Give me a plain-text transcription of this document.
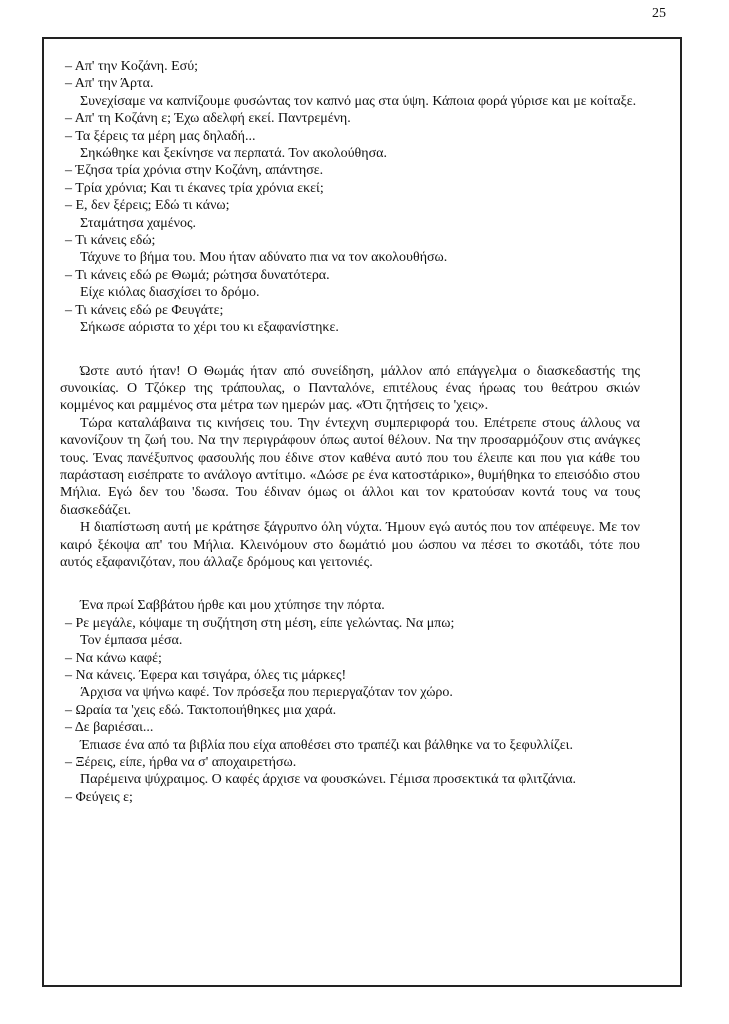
25

– Απ' την Κοζάνη. Εσύ;

– Απ' την Άρτα.

Συνεχίσαμε να καπνίζουμε φυσώντας τον καπνό μας στα ύψη. Κάποια φορά γύρισε και με κοίταξε.

– Απ' τη Κοζάνη ε; Έχω αδελφή εκεί. Παντρεμένη.

– Τα ξέρεις τα μέρη μας δηλαδή...

Σηκώθηκε και ξεκίνησε να περπατά. Τον ακολούθησα.

– Έζησα τρία χρόνια στην Κοζάνη, απάντησε.

– Τρία χρόνια; Και τι έκανες τρία χρόνια εκεί;

– Ε, δεν ξέρεις; Εδώ τι κάνω;

Σταμάτησα χαμένος.

– Τι κάνεις εδώ;

Τάχυνε το βήμα του. Μου ήταν αδύνατο πια να τον ακολουθήσω.

– Τι κάνεις εδώ ρε Θωμά; ρώτησα δυνατότερα.

Είχε κιόλας διασχίσει το δρόμο.

– Τι κάνεις εδώ ρε Φευγάτε;

Σήκωσε αόριστα το χέρι του κι εξαφανίστηκε.

Ώστε αυτό ήταν! Ο Θωμάς ήταν από συνείδηση, μάλλον από επάγγελμα ο διασκεδαστής της συνοικίας. Ο Τζόκερ της τράπουλας, ο Πανταλόνε, επιτέλους ένας ήρωας του θεάτρου σκιών κομμένος και ραμμένος στα μέτρα των ημερών μας. «Ότι ζητήσεις το 'χεις».

Τώρα καταλάβαινα τις κινήσεις του. Την έντεχνη συμπεριφορά του. Επέτρεπε στους άλλους να κανονίζουν τη ζωή του. Να την περιγράφουν όπως αυτοί θέλουν. Να την προσαρμόζουν στις ανάγκες τους. Ένας πανέξυπνος φασουλής που έδινε στον καθένα αυτό που του έλειπε και που για κάθε του παράσταση εισέπρατε το ανάλογο αντίτιμο. «Δώσε ρε ένα κατοστάρικο», θυμήθηκα το επεισόδιο στου Μήλια. Εγώ δεν του 'δωσα. Του έδιναν όμως οι άλλοι και τον κρατούσαν κοντά τους να τους διασκεδάζει.

Η διαπίστωση αυτή με κράτησε ξάγρυπνο όλη νύχτα. Ήμουν εγώ αυτός που τον απέφευγε. Με τον καιρό ξέκοψα απ' του Μήλια. Κλεινόμουν στο δωμάτιό μου ώσπου να πέσει το σκοτάδι, τότε που αυτός εξαφανιζόταν, που άλλαζε δρόμους και γειτονιές.

Ένα πρωί Σαββάτου ήρθε και μου χτύπησε την πόρτα.

– Ρε μεγάλε, κόψαμε τη συζήτηση στη μέση, είπε γελώντας. Να μπω;

Τον έμπασα μέσα.

– Να κάνω καφέ;

– Να κάνεις. Έφερα και τσιγάρα, όλες τις μάρκες!

Άρχισα να ψήνω καφέ. Τον πρόσεξα που περιεργαζόταν τον χώρο.

– Ωραία τα 'χεις εδώ. Τακτοποιήθηκες μια χαρά.

– Δε βαριέσαι...

Έπιασε ένα από τα βιβλία που είχα αποθέσει στο τραπέζι και βάλθηκε να το ξεφυλλίζει.

– Ξέρεις, είπε, ήρθα να σ' αποχαιρετήσω.

Παρέμεινα ψύχραιμος. Ο καφές άρχισε να φουσκώνει. Γέμισα προσεκτικά τα φλιτζάνια.

– Φεύγεις ε;
